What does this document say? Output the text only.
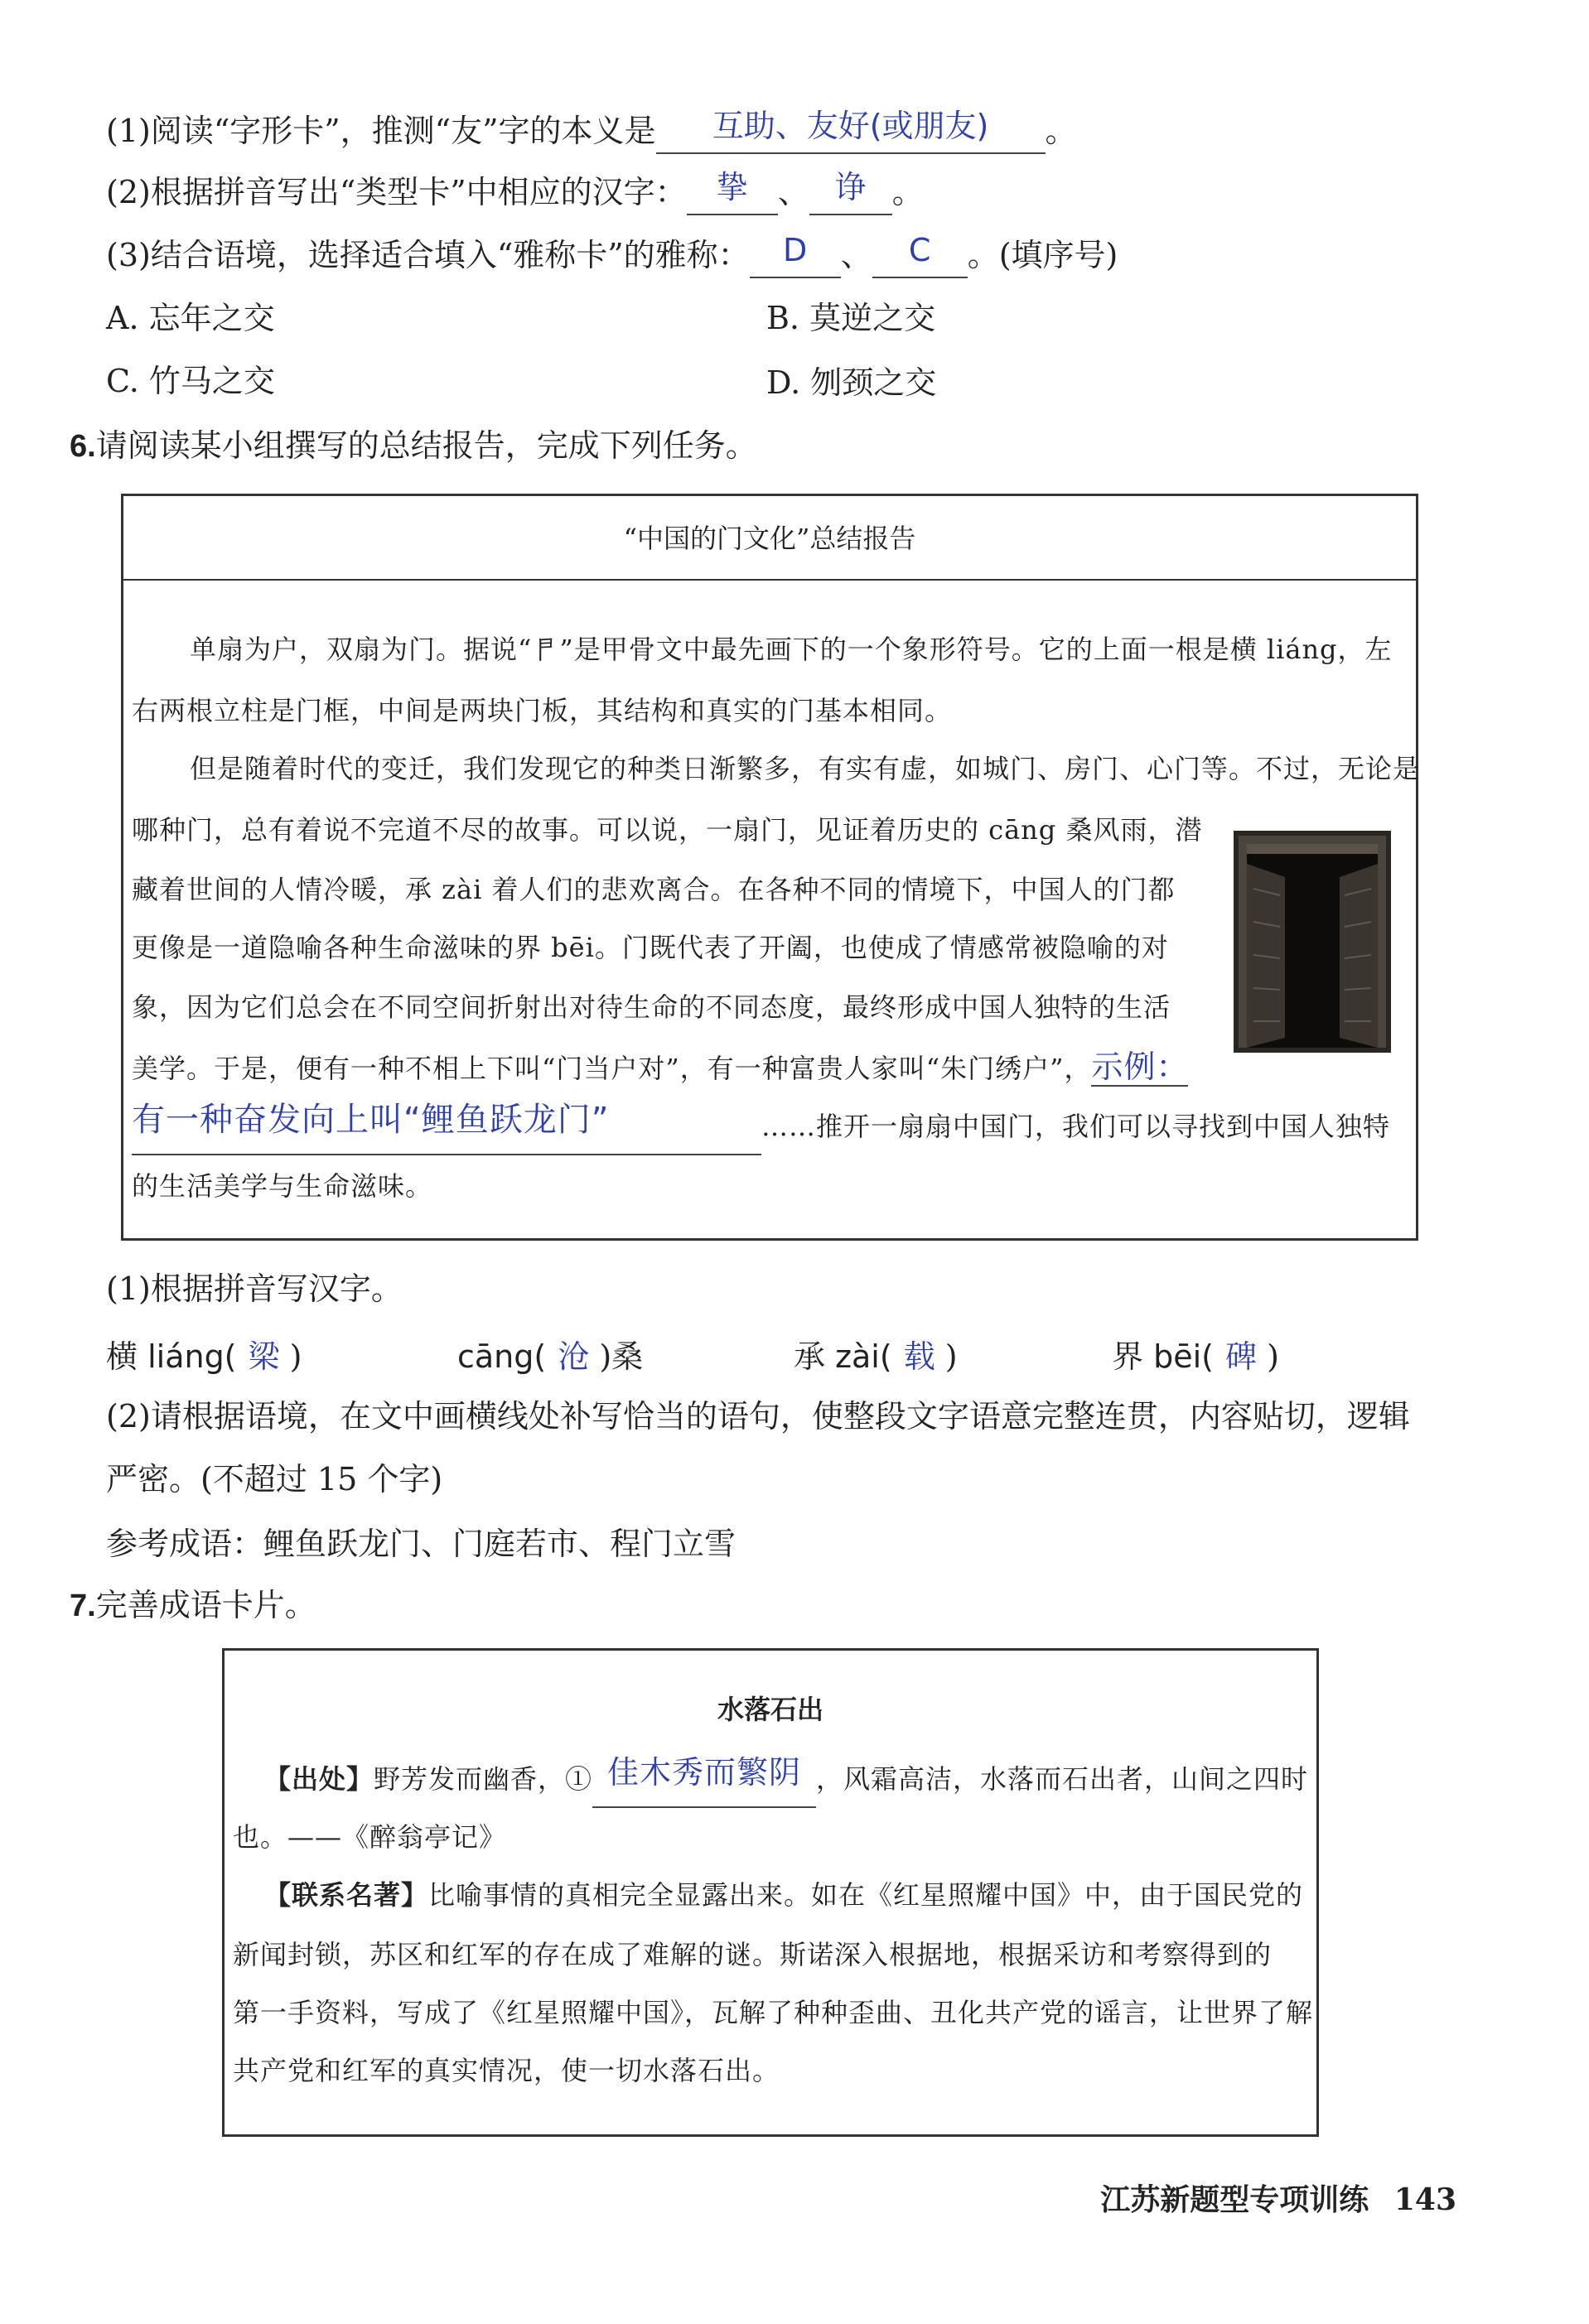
(1)阅读“字形卡”，推测“友”字的本义是 互助、友好(或朋友) 。
(2)根据拼音写出“类型卡”中相应的汉字： 挚 、 诤 。
(3)结合语境，选择适合填入“雅称卡”的雅称： D 、 C 。(填序号)
A. 忘年之交	B. 莫逆之交
C. 竹马之交	D. 刎颈之交
6.请阅读某小组撰写的总结报告，完成下列任务。
“中国的门文化”总结报告
单扇为户，双扇为门。据说“𠁣”是甲骨文中最先画下的一个象形符号。它的上面一根是横 liáng，左
右两根立柱是门框，中间是两块门板，其结构和真实的门基本相同。
但是随着时代的变迁，我们发现它的种类日渐繁多，有实有虚，如城门、房门、心门等。不过，无论是
哪种门，总有着说不完道不尽的故事。可以说，一扇门，见证着历史的 cāng 桑风雨，潜
藏着世间的人情冷暖，承 zài 着人们的悲欢离合。在各种不同的情境下，中国人的门都
更像是一道隐喻各种生命滋味的界 bēi。门既代表了开阖，也使成了情感常被隐喻的对
象，因为它们总会在不同空间折射出对待生命的不同态度，最终形成中国人独特的生活
美学。于是，便有一种不相上下叫“门当户对”，有一种富贵人家叫“朱门绣户”，示例：
有一种奋发向上叫“鲤鱼跃龙门”	……推开一扇扇中国门，我们可以寻找到中国人独特
的生活美学与生命滋味。
(1)根据拼音写汉字。
横 liáng( 梁 )	cāng( 沧 )桑	承 zài( 载 )	界 bēi( 碑 )
(2)请根据语境，在文中画横线处补写恰当的语句，使整段文字语意完整连贯，内容贴切，逻辑
严密。(不超过 15 个字)
参考成语：鲤鱼跃龙门、门庭若市、程门立雪
7.完善成语卡片。
水落石出
【出处】野芳发而幽香，① 佳木秀而繁阴 ，风霜高洁，水落而石出者，山间之四时
也。——《醉翁亭记》
【联系名著】比喻事情的真相完全显露出来。如在《红星照耀中国》中，由于国民党的
新闻封锁，苏区和红军的存在成了难解的谜。斯诺深入根据地，根据采访和考察得到的
第一手资料，写成了《红星照耀中国》，瓦解了种种歪曲、丑化共产党的谣言，让世界了解
共产党和红军的真实情况，使一切水落石出。
江苏新题型专项训练 143
